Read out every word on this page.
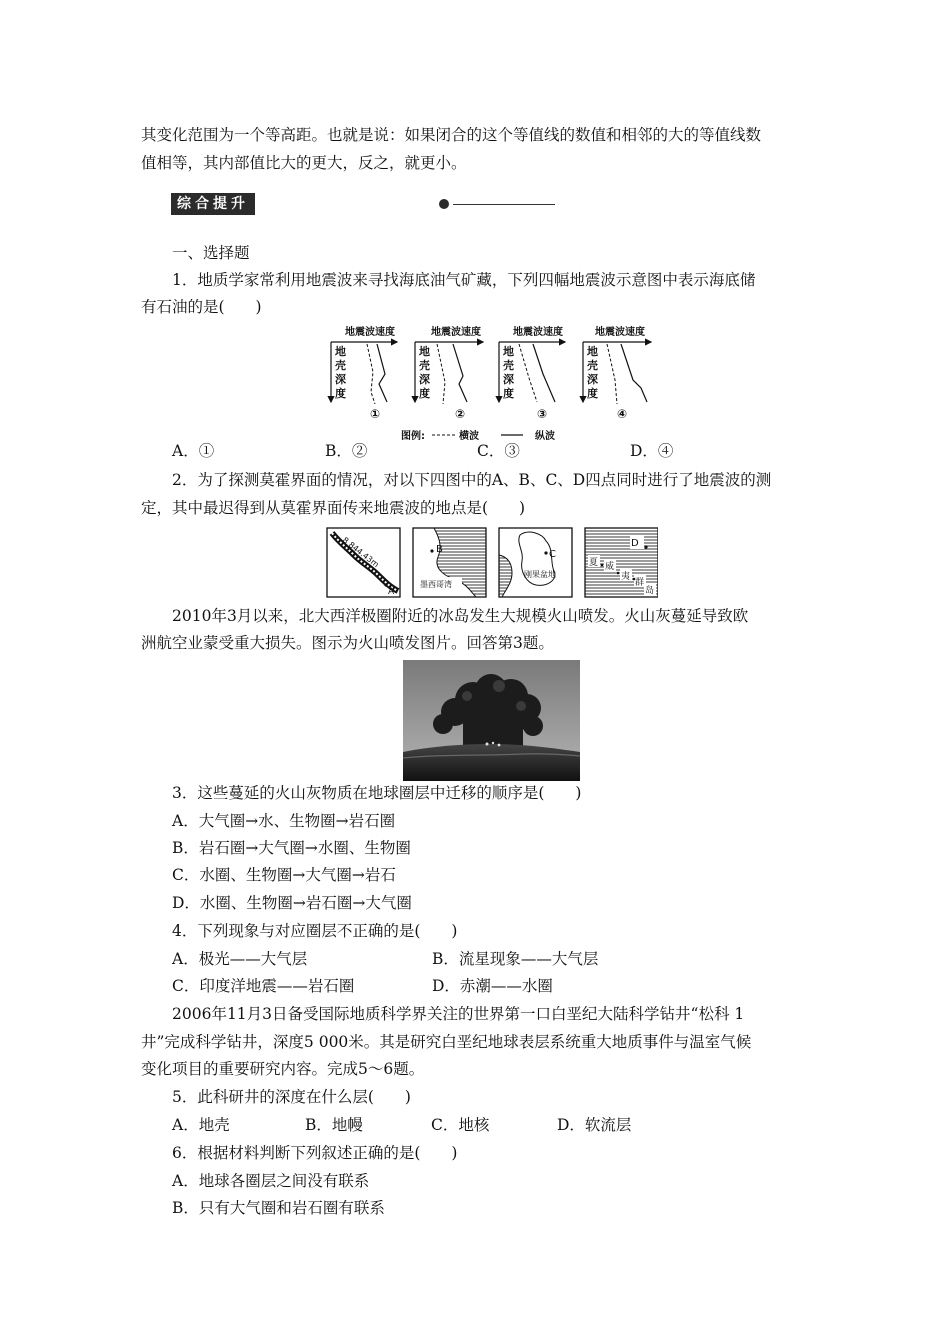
其变化范围为一个等高距。也就是说：如果闭合的这个等值线的数值和相邻的大的等值线数
值相等，其内部值比大的更大，反之，就更小。
综合提升
一、选择题
1．地质学家常利用地震波来寻找海底油气矿藏，下列四幅地震波示意图中表示海底储
有石油的是(　　)
地震波速度
地
壳
深
度
①
地震波速度
地
壳
深
度
②
地震波速度
地
壳
深
度
③
地震波速度
地
壳
深
度
④
图例:	横波	纵波
A．①	B．②	C．③	D．④
2．为了探测莫霍界面的情况，对以下四图中的A、B、C、D四点同时进行了地震波的测
定，其中最迟得到从莫霍界面传来地震波的地点是(　　)
8 844.43m
A
B
墨西哥湾
C
刚果盆地
D
夏 威
夷
群
岛
2010年3月以来，北大西洋极圈附近的冰岛发生大规模火山喷发。火山灰蔓延导致欧
洲航空业蒙受重大损失。图示为火山喷发图片。回答第3题。
3．这些蔓延的火山灰物质在地球圈层中迁移的顺序是(　　)
A．大气圈→水、生物圈→岩石圈
B．岩石圈→大气圈→水圈、生物圈
C．水圈、生物圈→大气圈→岩石
D．水圈、生物圈→岩石圈→大气圈
4．下列现象与对应圈层不正确的是(　　)
A．极光——大气层	B．流星现象——大气层
C．印度洋地震——岩石圈	D．赤潮——水圈
2006年11月3日备受国际地质科学界关注的世界第一口白垩纪大陆科学钻井“松科 1
井”完成科学钻井，深度5 000米。其是研究白垩纪地球表层系统重大地质事件与温室气候
变化项目的重要研究内容。完成5～6题。
5．此科研井的深度在什么层(　　)
A．地壳	B．地幔	C．地核	D．软流层
6．根据材料判断下列叙述正确的是(　　)
A．地球各圈层之间没有联系
B．只有大气圈和岩石圈有联系
